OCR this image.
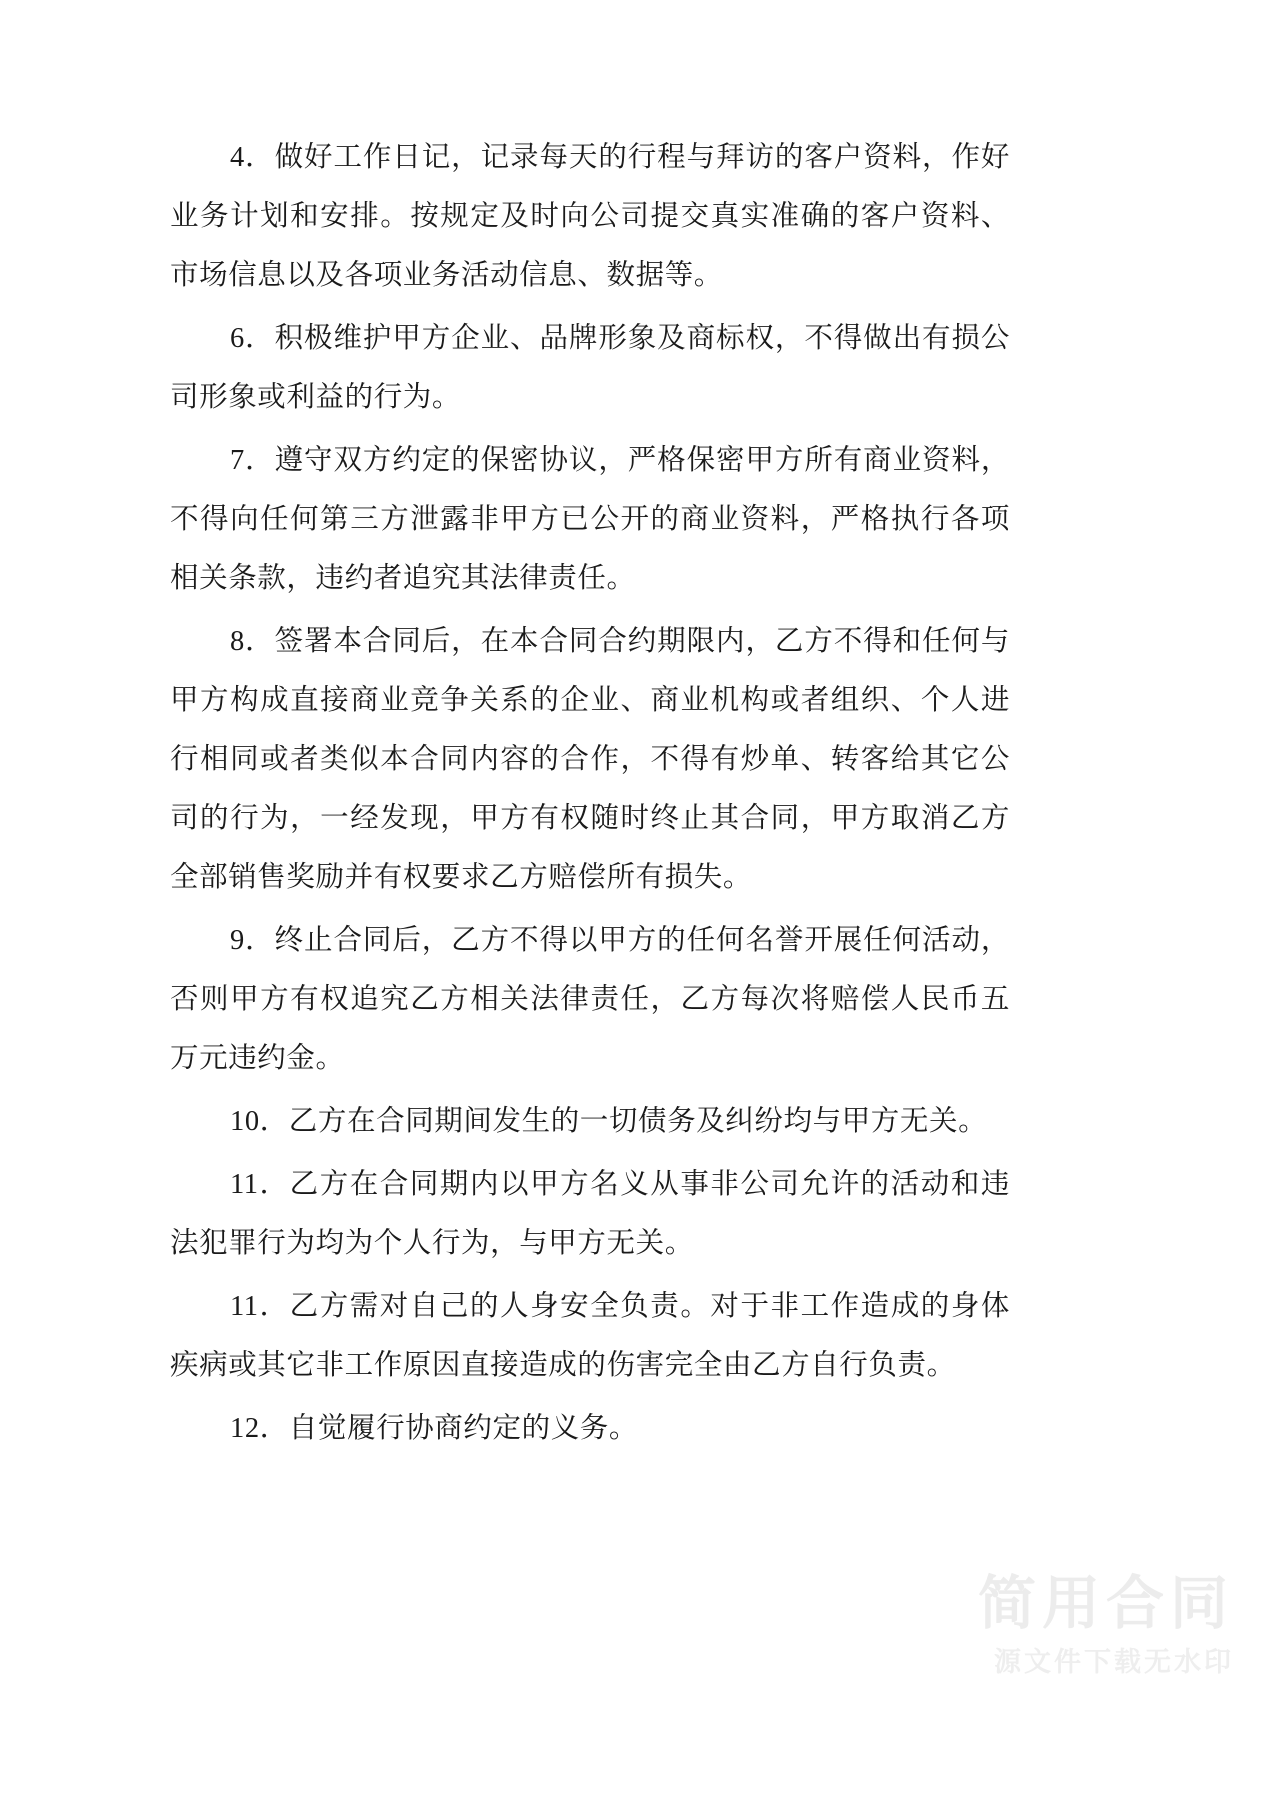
4．做好工作日记，记录每天的行程与拜访的客户资料，作好业务计划和安排。按规定及时向公司提交真实准确的客户资料、市场信息以及各项业务活动信息、数据等。

6．积极维护甲方企业、品牌形象及商标权，不得做出有损公司形象或利益的行为。

7．遵守双方约定的保密协议，严格保密甲方所有商业资料，不得向任何第三方泄露非甲方已公开的商业资料，严格执行各项相关条款，违约者追究其法律责任。

8．签署本合同后，在本合同合约期限内，乙方不得和任何与甲方构成直接商业竞争关系的企业、商业机构或者组织、个人进行相同或者类似本合同内容的合作，不得有炒单、转客给其它公司的行为，一经发现，甲方有权随时终止其合同，甲方取消乙方全部销售奖励并有权要求乙方赔偿所有损失。

9．终止合同后，乙方不得以甲方的任何名誉开展任何活动，否则甲方有权追究乙方相关法律责任，乙方每次将赔偿人民币五万元违约金。

10．乙方在合同期间发生的一切债务及纠纷均与甲方无关。

11．乙方在合同期内以甲方名义从事非公司允许的活动和违法犯罪行为均为个人行为，与甲方无关。

11．乙方需对自己的人身安全负责。对于非工作造成的身体疾病或其它非工作原因直接造成的伤害完全由乙方自行负责。

12．自觉履行协商约定的义务。

简用合同
源文件下载无水印
